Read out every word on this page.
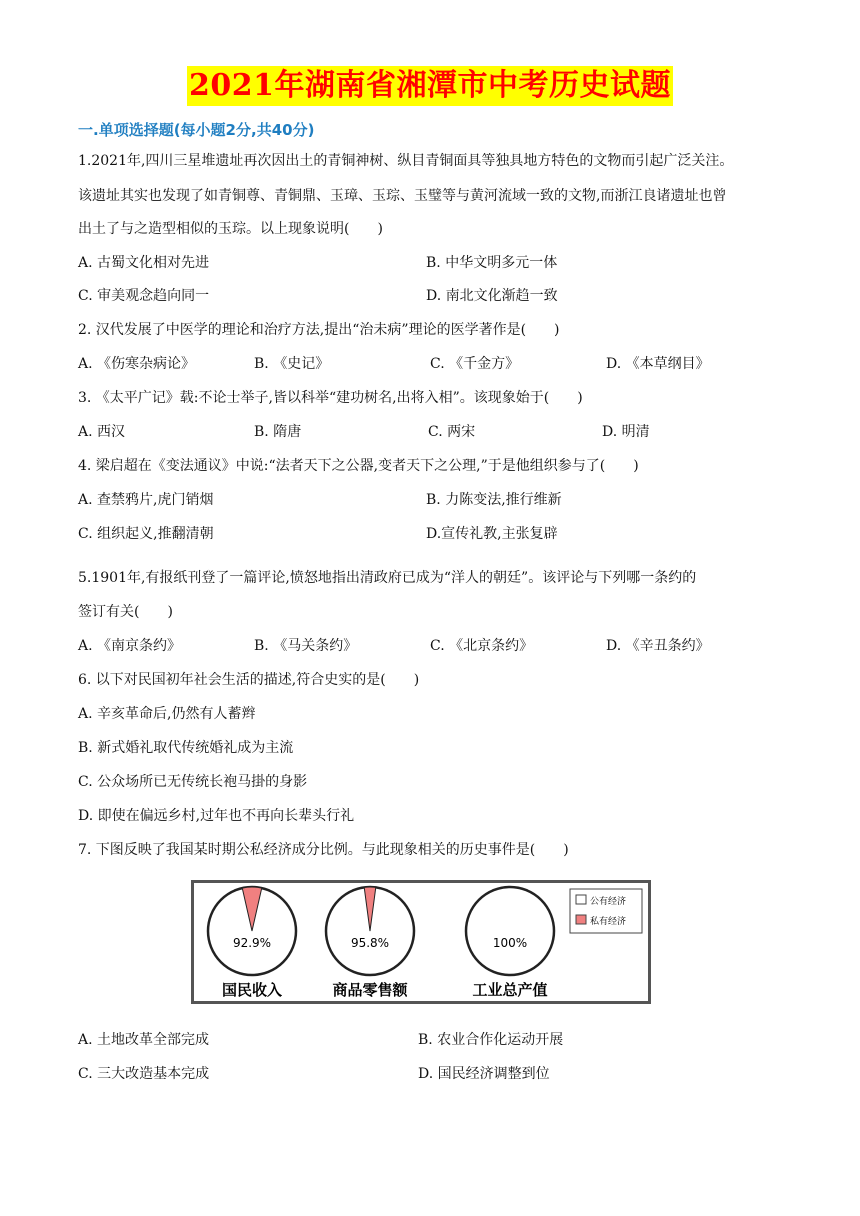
2021年湖南省湘潭市中考历史试题
一.单项选择题(每小题2分,共40分)
1.2021年,四川三星堆遗址再次因出土的青铜神树、纵目青铜面具等独具地方特色的文物而引起广泛关注。
该遗址其实也发现了如青铜尊、青铜鼎、玉璋、玉琮、玉璧等与黄河流域一致的文物,而浙江良诸遗址也曾
出土了与之造型相似的玉琮。以上现象说明(　　)
A. 古蜀文化相对先进	B. 中华文明多元一体
C. 审美观念趋向同一	D. 南北文化渐趋一致
2. 汉代发展了中医学的理论和治疗方法,提出“治未病”理论的医学著作是(　　)
A. 《伤寒杂病论》	B. 《史记》	C. 《千金方》	D. 《本草纲目》
3. 《太平广记》载:不论士举子,皆以科举“建功树名,出将入相”。该现象始于(　　)
A. 西汉	B. 隋唐	C. 两宋	D. 明清
4. 梁启超在《变法通议》中说:“法者天下之公器,变者天下之公理,”于是他组织参与了(　　)
A. 查禁鸦片,虎门销烟	B. 力陈变法,推行维新
C. 组织起义,推翻清朝	D.宣传礼教,主张复辟
5.1901年,有报纸刊登了一篇评论,愤怒地指出清政府已成为“洋人的朝廷”。该评论与下列哪一条约的
签订有关(　　)
A. 《南京条约》	B. 《马关条约》	C. 《北京条约》	D. 《辛丑条约》
6. 以下对民国初年社会生活的描述,符合史实的是(　　)
A. 辛亥革命后,仍然有人蓄辫
B. 新式婚礼取代传统婚礼成为主流
C. 公众场所已无传统长袍马掛的身影
D. 即使在偏远乡村,过年也不再向长辈头行礼
7. 下图反映了我国某时期公私经济成分比例。与此现象相关的历史事件是(　　)
92.9%
国民收入
95.8%
商品零售额
100%
工业总产值
公有经济
私有经济
A. 土地改革全部完成	B. 农业合作化运动开展
C. 三大改造基本完成	D. 国民经济调整到位
